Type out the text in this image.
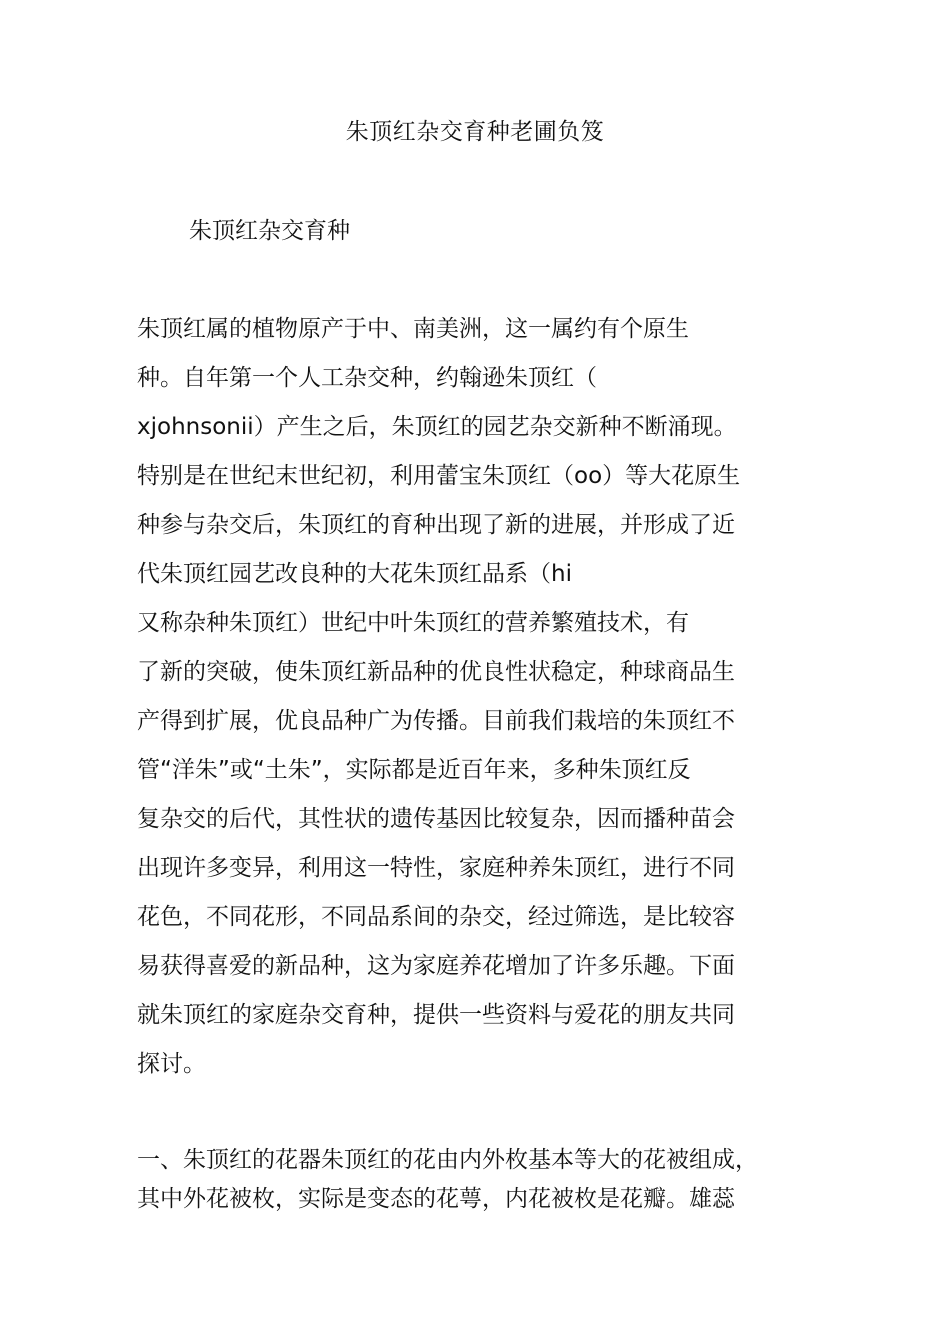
朱顶红杂交育种老圃负笈
朱顶红杂交育种
朱顶红属的植物原产于中、南美洲，这一属约有个原生
种。自年第一个人工杂交种，约翰逊朱顶红（
xjohnsonii）产生之后，朱顶红的园艺杂交新种不断涌现。
特别是在世纪末世纪初，利用蕾宝朱顶红（oo）等大花原生
种参与杂交后，朱顶红的育种出现了新的进展，并形成了近
代朱顶红园艺改良种的大花朱顶红品系（hi
又称杂种朱顶红）世纪中叶朱顶红的营养繁殖技术，有
了新的突破，使朱顶红新品种的优良性状稳定，种球商品生
产得到扩展，优良品种广为传播。目前我们栽培的朱顶红不
管“洋朱”或“土朱”，实际都是近百年来，多种朱顶红反
复杂交的后代，其性状的遗传基因比较复杂，因而播种苗会
出现许多变异，利用这一特性，家庭种养朱顶红，进行不同
花色，不同花形，不同品系间的杂交，经过筛选，是比较容
易获得喜爱的新品种，这为家庭养花增加了许多乐趣。下面
就朱顶红的家庭杂交育种，提供一些资料与爱花的朋友共同
探讨。
一、朱顶红的花器朱顶红的花由内外枚基本等大的花被组成，
其中外花被枚，实际是变态的花萼，内花被枚是花瓣。雄蕊
